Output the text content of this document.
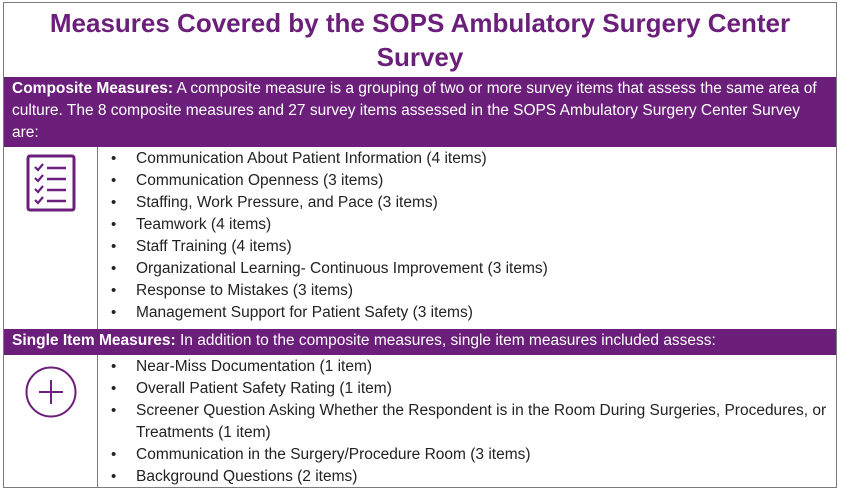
Measures Covered by the SOPS Ambulatory Surgery Center Survey
Composite Measures: A composite measure is a grouping of two or more survey items that assess the same area of culture. The 8 composite measures and 27 survey items assessed in the SOPS Ambulatory Surgery Center Survey are:
• Communication About Patient Information (4 items)
• Communication Openness (3 items)
• Staffing, Work Pressure, and Pace (3 items)
• Teamwork (4 items)
• Staff Training (4 items)
• Organizational Learning- Continuous Improvement (3 items)
• Response to Mistakes (3 items)
• Management Support for Patient Safety (3 items)
Single Item Measures: In addition to the composite measures, single item measures included assess:
• Near-Miss Documentation (1 item)
• Overall Patient Safety Rating (1 item)
• Screener Question Asking Whether the Respondent is in the Room During Surgeries, Procedures, or Treatments (1 item)
• Communication in the Surgery/Procedure Room (3 items)
• Background Questions (2 items)
